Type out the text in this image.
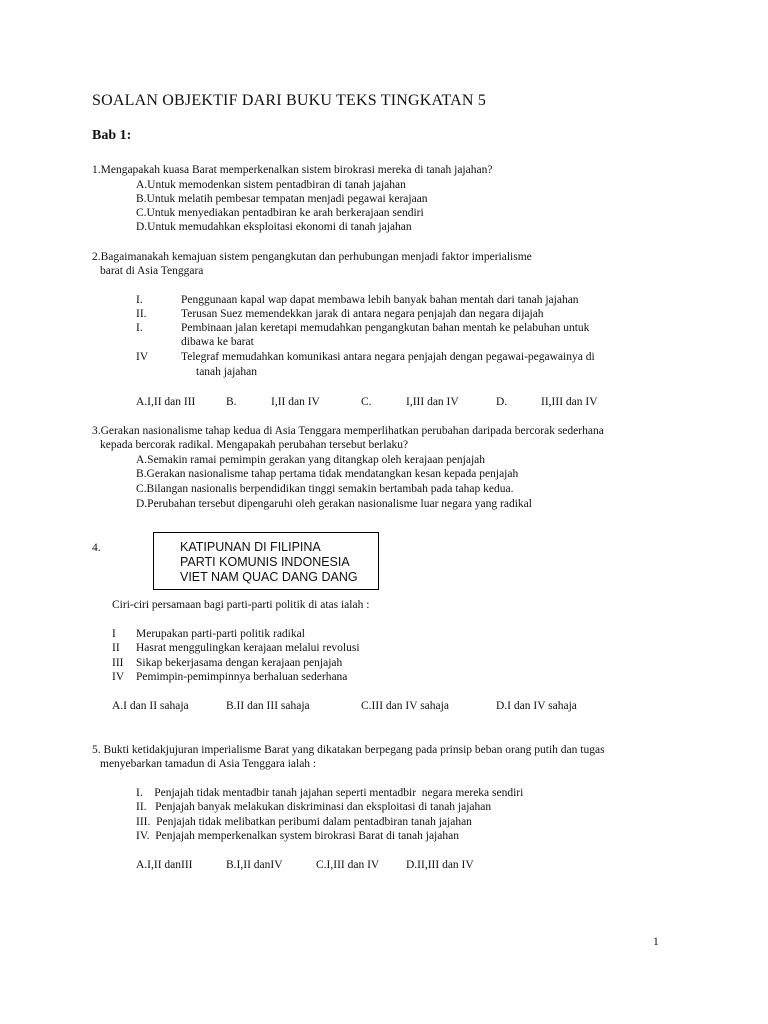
SOALAN OBJEKTIF DARI BUKU TEKS TINGKATAN 5
Bab 1:
1.Mengapakah kuasa Barat memperkenalkan sistem birokrasi mereka di tanah jajahan?
A.Untuk memodenkan sistem pentadbiran di tanah jajahan
B.Untuk melatih pembesar tempatan menjadi pegawai kerajaan
C.Untuk menyediakan pentadbiran ke arah berkerajaan sendiri
D.Untuk memudahkan eksploitasi ekonomi di tanah jajahan
2.Bagaimanakah kemajuan sistem pengangkutan dan perhubungan menjadi faktor imperialisme
barat di Asia Tenggara
I.	Penggunaan kapal wap dapat membawa lebih banyak bahan mentah dari tanah jajahan
II.	Terusan Suez memendekkan jarak di antara negara penjajah dan negara dijajah
I.	Pembinaan jalan keretapi memudahkan pengangkutan bahan mentah ke pelabuhan untuk
dibawa ke barat
IV	Telegraf memudahkan komunikasi antara negara penjajah dengan pegawai-pegawainya di
tanah jajahan
A.I,II dan III	B.	I,II dan IV	C.	I,III dan IV	D.	II,III dan IV
3.Gerakan nasionalisme tahap kedua di Asia Tenggara memperlihatkan perubahan daripada bercorak sederhana
kepada bercorak radikal. Mengapakah perubahan tersebut berlaku?
A.Semakin ramai pemimpin gerakan yang ditangkap oleh kerajaan penjajah
B.Gerakan nasionalisme tahap pertama tidak mendatangkan kesan kepada penjajah
C.Bilangan nasionalis berpendidikan tinggi semakin bertambah pada tahap kedua.
D.Perubahan tersebut dipengaruhi oleh gerakan nasionalisme luar negara yang radikal
4.	KATIPUNAN DI FILIPINA
PARTI KOMUNIS INDONESIA
VIET NAM QUAC DANG DANG
Ciri-ciri persamaan bagi parti-parti politik di atas ialah :
I Merupakan parti-parti politik radikal
II Hasrat menggulingkan kerajaan melalui revolusi
III Sikap bekerjasama dengan kerajaan penjajah
IV Pemimpin-pemimpinnya berhaluan sederhana
A.I dan II sahaja	B.II dan III sahaja	C.III dan IV sahaja	D.I dan IV sahaja
5. Bukti ketidakjujuran imperialisme Barat yang dikatakan berpegang pada prinsip beban orang putih dan tugas
menyebarkan tamadun di Asia Tenggara ialah :
I.    Penjajah tidak mentadbir tanah jajahan seperti mentadbir  negara mereka sendiri
II.   Penjajah banyak melakukan diskriminasi dan eksploitasi di tanah jajahan
III.  Penjajah tidak melibatkan peribumi dalam pentadbiran tanah jajahan
IV.  Penjajah memperkenalkan system birokrasi Barat di tanah jajahan
A.I,II danIII	B.I,II danIV	C.I,III dan IV D.II,III dan IV
1
